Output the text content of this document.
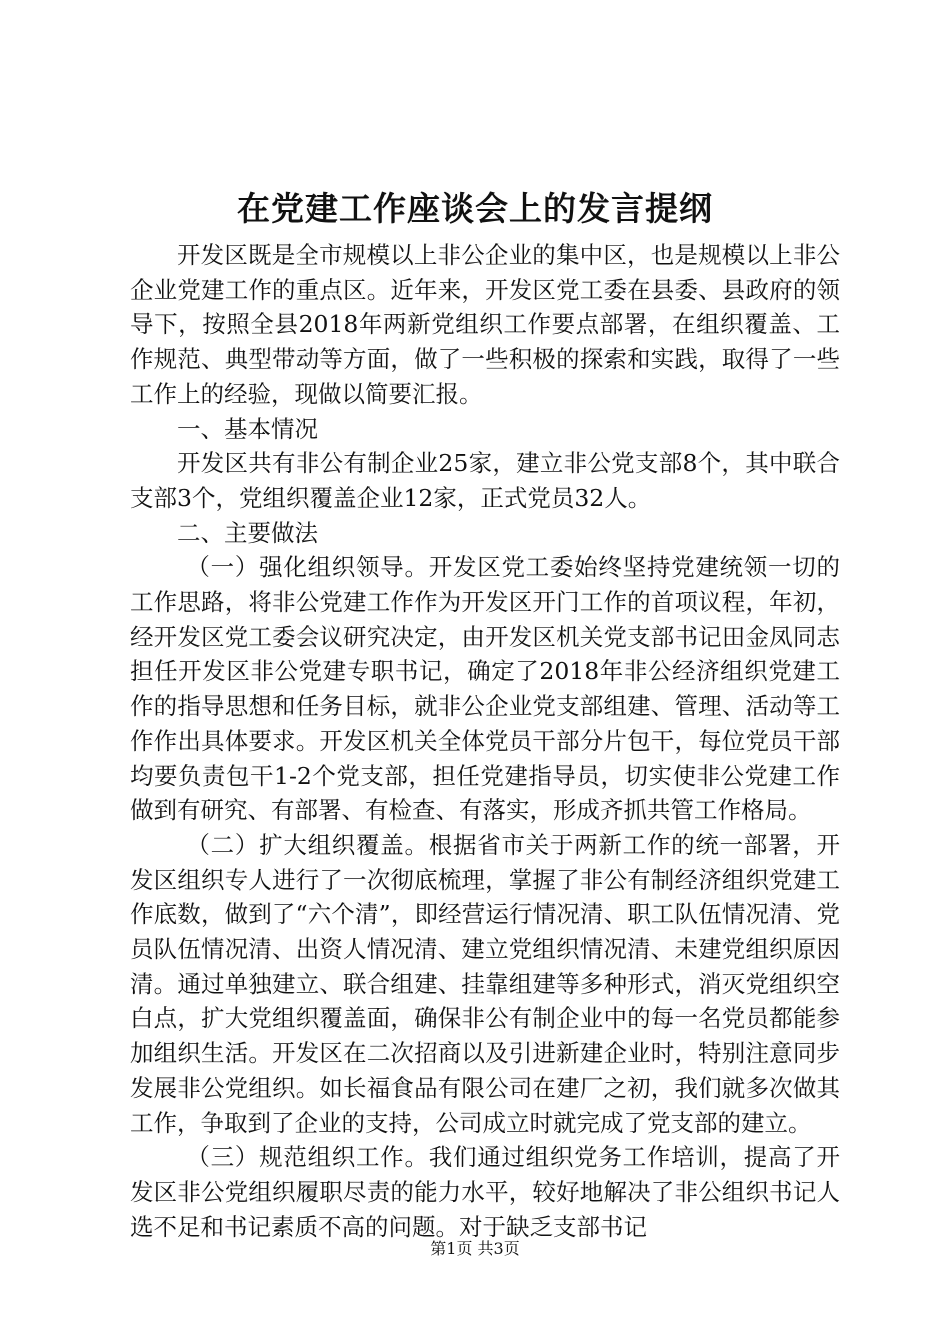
在党建工作座谈会上的发言提纲

开发区既是全市规模以上非公企业的集中区，也是规模以上非公企业党建工作的重点区。近年来，开发区党工委在县委、县政府的领导下，按照全县2018年两新党组织工作要点部署，在组织覆盖、工作规范、典型带动等方面，做了一些积极的探索和实践，取得了一些工作上的经验，现做以简要汇报。

一、基本情况

开发区共有非公有制企业25家，建立非公党支部8个，其中联合支部3个，党组织覆盖企业12家，正式党员32人。

二、主要做法

（一）强化组织领导。开发区党工委始终坚持党建统领一切的工作思路，将非公党建工作作为开发区开门工作的首项议程，年初，经开发区党工委会议研究决定，由开发区机关党支部书记田金凤同志担任开发区非公党建专职书记，确定了2018年非公经济组织党建工作的指导思想和任务目标，就非公企业党支部组建、管理、活动等工作作出具体要求。开发区机关全体党员干部分片包干，每位党员干部均要负责包干1-2个党支部，担任党建指导员，切实使非公党建工作做到有研究、有部署、有检查、有落实，形成齐抓共管工作格局。

（二）扩大组织覆盖。根据省市关于两新工作的统一部署，开发区组织专人进行了一次彻底梳理，掌握了非公有制经济组织党建工作底数，做到了“六个清”，即经营运行情况清、职工队伍情况清、党员队伍情况清、出资人情况清、建立党组织情况清、未建党组织原因清。通过单独建立、联合组建、挂靠组建等多种形式，消灭党组织空白点，扩大党组织覆盖面，确保非公有制企业中的每一名党员都能参加组织生活。开发区在二次招商以及引进新建企业时，特别注意同步发展非公党组织。如长福食品有限公司在建厂之初，我们就多次做其工作，争取到了企业的支持，公司成立时就完成了党支部的建立。

（三）规范组织工作。我们通过组织党务工作培训，提高了开发区非公党组织履职尽责的能力水平，较好地解决了非公组织书记人选不足和书记素质不高的问题。对于缺乏支部书记

第1页 共3页
